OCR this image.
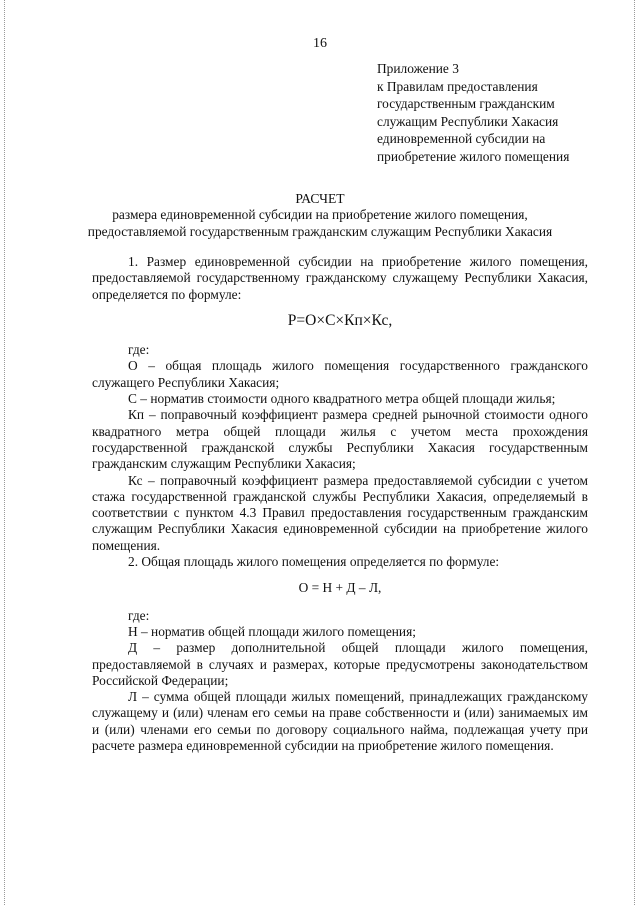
16
Приложение 3
к Правилам предоставления
государственным гражданским
служащим Республики Хакасия
единовременной субсидии на
приобретение жилого помещения
РАСЧЕТ
размера единовременной субсидии на приобретение жилого помещения,
предоставляемой государственным гражданским служащим Республики Хакасия

1. Размер единовременной субсидии на приобретение жилого помещения, предоставляемой государственному гражданскому служащему Республики Хакасия, определяется по формуле:

Р=О×С×Кп×Кс,

где:

О – общая площадь жилого помещения государственного гражданского служащего Республики Хакасия;

С – норматив стоимости одного квадратного метра общей площади жилья;

Кп – поправочный коэффициент размера средней рыночной стоимости одного квадратного метра общей площади жилья с учетом места прохождения государственной гражданской службы Республики Хакасия государственным гражданским служащим Республики Хакасия;

Кс – поправочный коэффициент размера предоставляемой субсидии с учетом стажа государственной гражданской службы Республики Хакасия, определяемый в соответствии с пунктом 4.3 Правил предоставления государственным гражданским служащим Республики Хакасия единовременной субсидии на приобретение жилого помещения.

2. Общая площадь жилого помещения определяется по формуле:

О = Н + Д – Л,

где:

Н – норматив общей площади жилого помещения;

Д – размер дополнительной общей площади жилого помещения, предоставляемой в случаях и размерах, которые предусмотрены законодательством Российской Федерации;

Л – сумма общей площади жилых помещений, принадлежащих гражданскому служащему и (или) членам его семьи на праве собственности и (или) занимаемых им и (или) членами его семьи по договору социального найма, подлежащая учету при расчете размера единовременной субсидии на приобретение жилого помещения.
